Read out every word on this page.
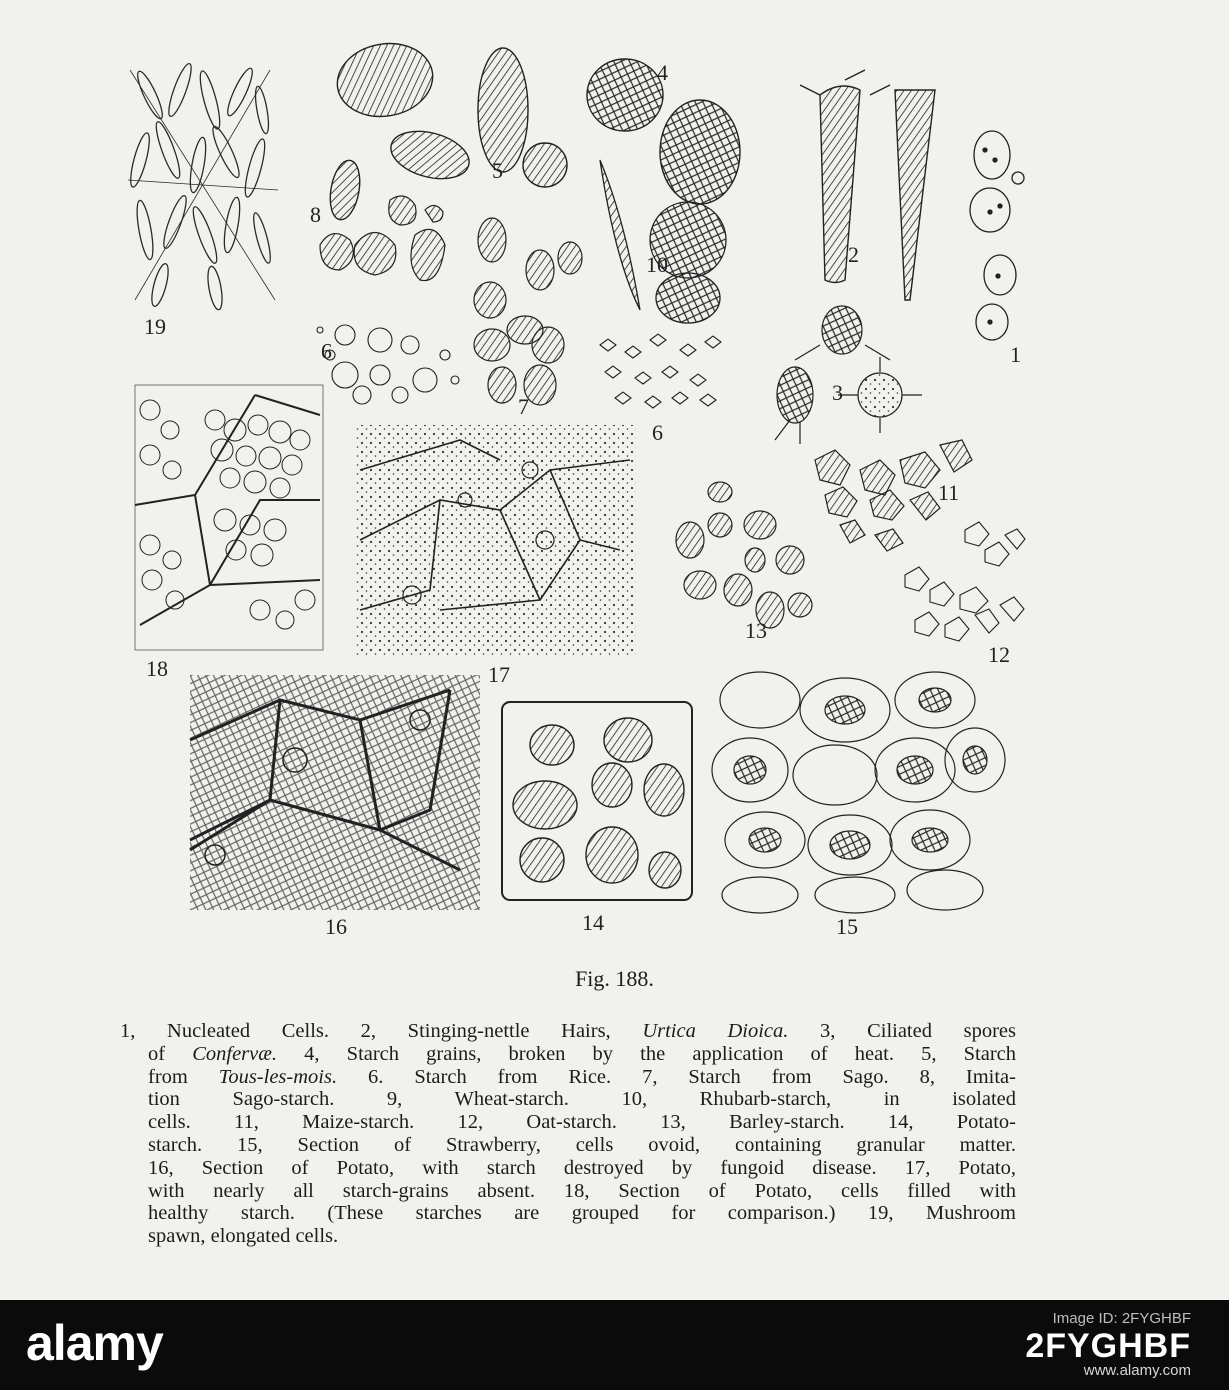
19
5
4
8
10
7
9
6
2
3
1
18	17
11
13
12
16	14	15
Fig. 188.
1, Nucleated Cells. 2, Stinging-nettle Hairs, Urtica Dioica. 3, Ciliated spores
of Confervæ. 4, Starch grains, broken by the application of heat. 5, Starch
from Tous-les-mois. 6. Starch from Rice. 7, Starch from Sago. 8, Imita-
tion Sago-starch. 9, Wheat-starch. 10, Rhubarb-starch, in isolated
cells. 11, Maize-starch. 12, Oat-starch. 13, Barley-starch. 14, Potato-
starch. 15, Section of Strawberry, cells ovoid, containing granular matter.
16, Section of Potato, with starch destroyed by fungoid disease. 17, Potato,
with nearly all starch-grains absent. 18, Section of Potato, cells filled with
healthy starch. (These starches are grouped for comparison.) 19, Mushroom
spawn, elongated cells.
alamy	Image ID: 2FYGHBF
2FYGHBF
www.alamy.com
